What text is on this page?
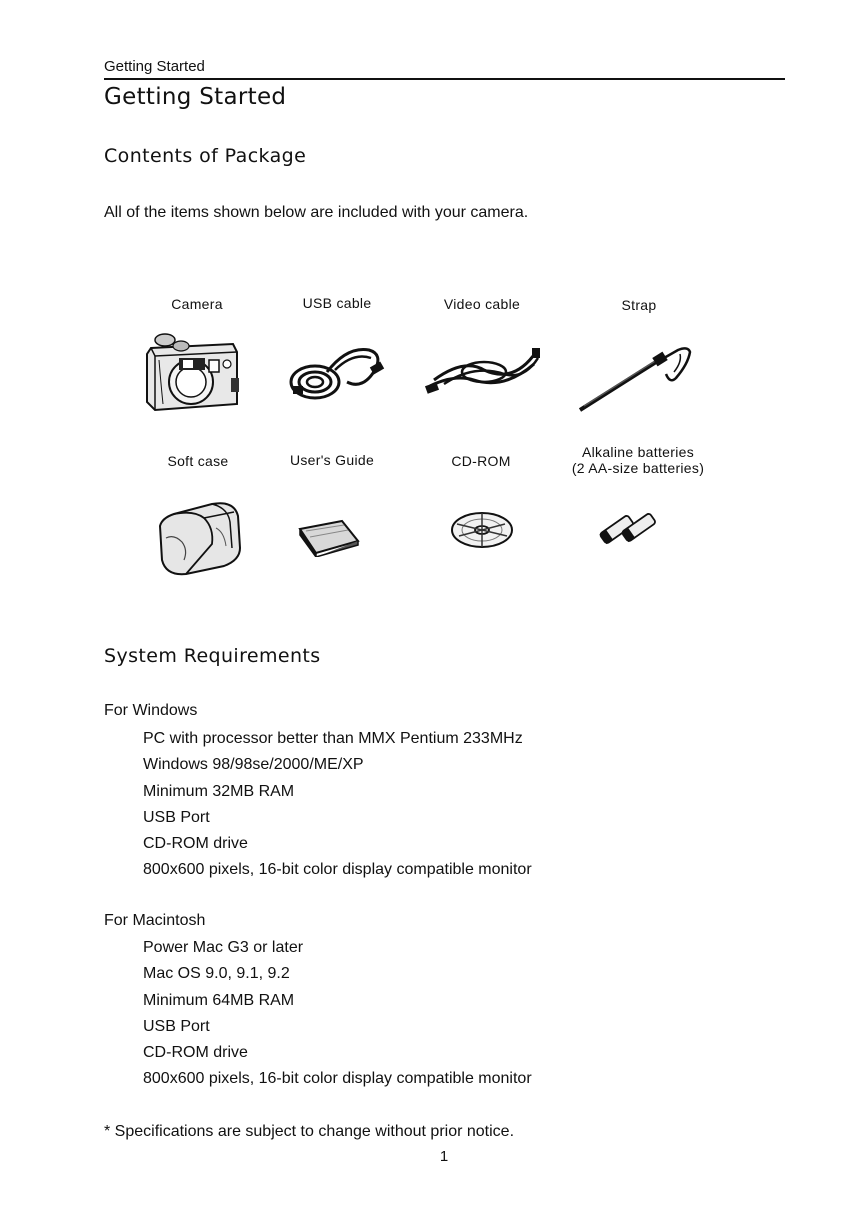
Getting Started
Getting Started
Contents of Package
All of the items shown below are included with your camera.
Camera	USB cable	Video cable	Strap
Soft case	User's Guide	CD-ROM
Alkaline batteries
(2 AA-size batteries)
System Requirements
For Windows
PC with processor better than MMX Pentium 233MHz
Windows 98/98se/2000/ME/XP
Minimum 32MB RAM
USB Port
CD-ROM drive
800x600 pixels, 16-bit color display compatible monitor
For Macintosh
Power Mac G3 or later
Mac OS 9.0, 9.1, 9.2
Minimum 64MB RAM
USB Port
CD-ROM drive
800x600 pixels, 16-bit color display compatible monitor
* Specifications are subject to change without prior notice.
1
